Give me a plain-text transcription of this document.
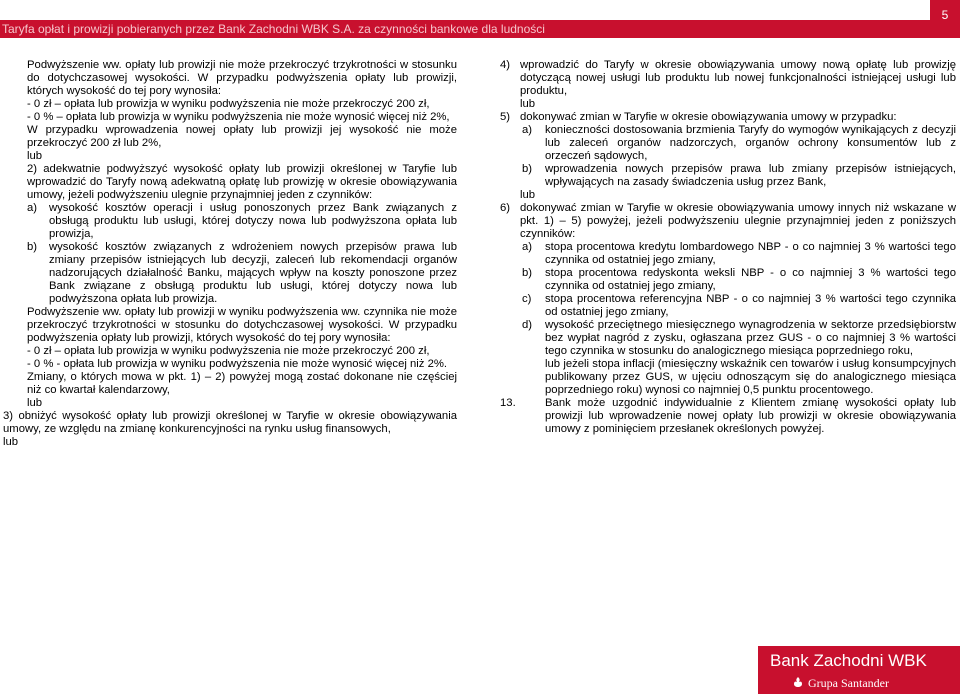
Taryfa opłat i prowizji pobieranych przez Bank Zachodni WBK S.A. za czynności bankowe dla ludności
5

Podwyższenie ww. opłaty lub prowizji nie może przekroczyć trzykrotności w stosunku do dotychczasowej wysokości. W przypadku podwyższenia opłaty lub prowizji, których wysokość do tej pory wynosiła:

- 0 zł – opłata lub prowizja w wyniku podwyższenia nie może przekroczyć 200 zł,

- 0 % – opłata lub prowizja w wyniku podwyższenia nie może wynosić więcej niż 2%,

W przypadku wprowadzenia nowej opłaty lub prowizji jej wysokość nie może przekroczyć 200 zł lub 2%,

lub

2) adekwatnie podwyższyć wysokość opłaty lub prowizji określonej w Taryfie lub wprowadzić do Taryfy nową adekwatną opłatę lub prowizję w okresie obowiązywania umowy, jeżeli podwyższeniu ulegnie przynajmniej jeden z czynników:

a) wysokość kosztów operacji i usług ponoszonych przez Bank związanych z obsługą produktu lub usługi, której dotyczy nowa lub podwyższona opłata lub prowizja,

b) wysokość kosztów związanych z wdrożeniem nowych przepisów prawa lub zmiany przepisów istniejących lub decyzji, zaleceń lub rekomendacji organów nadzorujących działalność Banku, mających wpływ na koszty ponoszone przez Bank związane z obsługą produktu lub usługi, której dotyczy nowa lub podwyższona opłata lub prowizja.

Podwyższenie ww. opłaty lub prowizji w wyniku podwyższenia ww. czynnika nie może przekroczyć trzykrotności w stosunku do dotychczasowej wysokości. W przypadku podwyższenia opłaty lub prowizji, których wysokość do tej pory wynosiła:

- 0 zł – opłata lub prowizja w wyniku podwyższenia nie może przekroczyć 200 zł,

- 0 % - opłata lub prowizja w wyniku podwyższenia nie może wynosić więcej niż 2%.

Zmiany, o których mowa w pkt. 1) – 2) powyżej mogą zostać dokonane nie częściej niż co kwartał kalendarzowy,

lub

3) obniżyć wysokość opłaty lub prowizji określonej w Taryfie w okresie obowiązywania umowy, ze względu na zmianę konkurencyjności na rynku usług finansowych,

lub

4) wprowadzić do Taryfy w okresie obowiązywania umowy nową opłatę lub prowizję dotyczącą nowej usługi lub produktu lub nowej funkcjonalności istniejącej usługi lub produktu,

lub

5) dokonywać zmian w Taryfie w okresie obowiązywania umowy w przypadku:

a) konieczności dostosowania brzmienia Taryfy do wymogów wynikających z decyzji lub zaleceń organów nadzorczych, organów ochrony konsumentów lub z orzeczeń sądowych,

b) wprowadzenia nowych przepisów prawa lub zmiany przepisów istniejących, wpływających na zasady świadczenia usług przez Bank,

lub

6) dokonywać zmian w Taryfie w okresie obowiązywania umowy innych niż wskazane w pkt. 1) – 5) powyżej, jeżeli podwyższeniu ulegnie przynajmniej jeden z poniższych czynników:

a) stopa procentowa kredytu lombardowego NBP - o co najmniej 3 % wartości tego czynnika od ostatniej jego zmiany,

b) stopa procentowa redyskonta weksli NBP - o co najmniej 3 % wartości tego czynnika od ostatniej jego zmiany,

c) stopa procentowa referencyjna NBP - o co najmniej 3 % wartości tego czynnika od ostatniej jego zmiany,

d) wysokość przeciętnego miesięcznego wynagrodzenia w sektorze przedsiębiorstw bez wypłat nagród z zysku, ogłaszana przez GUS - o co najmniej 3 % wartości tego czynnika w stosunku do analogicznego miesiąca poprzedniego roku,

lub jeżeli stopa inflacji (miesięczny wskaźnik cen towarów i usług konsumpcyjnych publikowany przez GUS, w ujęciu odnoszącym się do analogicznego miesiąca poprzedniego roku) wynosi co najmniej 0,5 punktu procentowego.

13.	Bank może uzgodnić indywidualnie z Klientem zmianę wysokości opłaty lub prowizji lub wprowadzenie nowej opłaty lub prowizji w okresie obowiązywania umowy z pominięciem przesłanek określonych powyżej.

Bank Zachodni WBK
Grupa Santander
